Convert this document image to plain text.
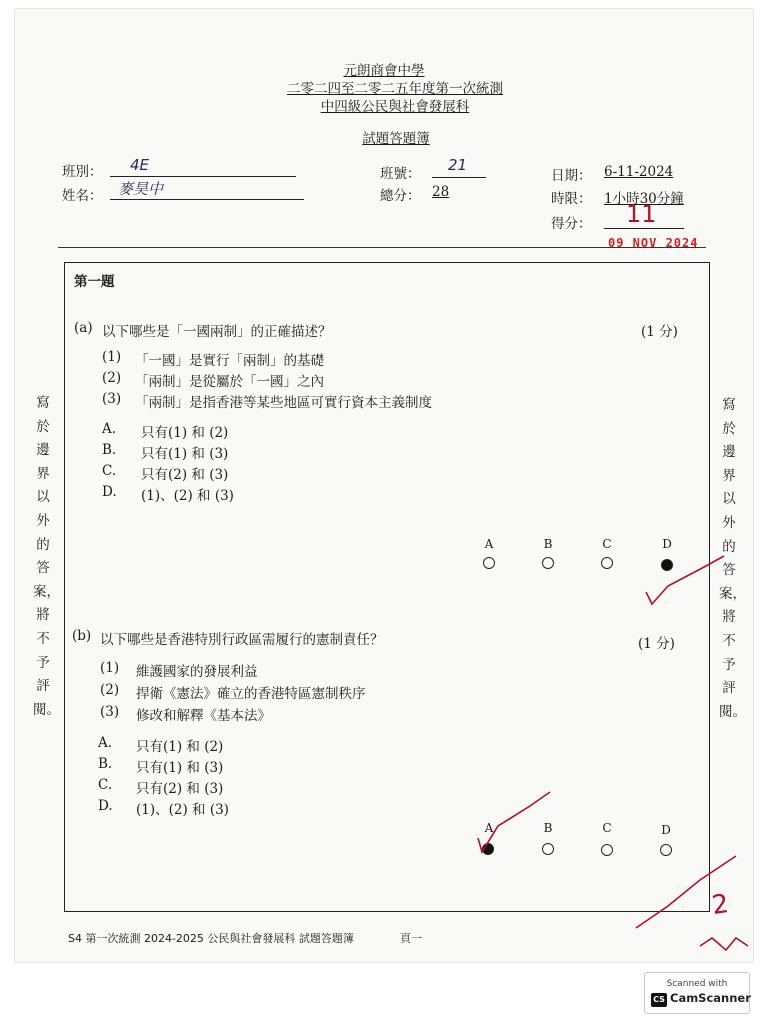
元朗商會中學
二零二四至二零二五年度第一次統測
中四級公民與社會發展科
試題答題簿
班別： 4E
姓名： 麥昊中
班號： 21
總分： 28
日期： 6-11-2024
時限： 1小時30分鐘
得分： 11
09 NOV 2024
第一題
(a) 以下哪些是「一國兩制」的正確描述？	(1 分)
(1) 「一國」是實行「兩制」的基礎
(2) 「兩制」是從屬於「一國」之內
(3) 「兩制」是指香港等某些地區可實行資本主義制度
A. 只有(1) 和 (2)
B. 只有(1) 和 (3)
C. 只有(2) 和 (3)
D. (1)、(2) 和 (3)
A	B	C	D
(b) 以下哪些是香港特別行政區需履行的憲制責任？	(1 分)
(1) 維護國家的發展利益
(2) 捍衛《憲法》確立的香港特區憲制秩序
(3) 修改和解釋《基本法》
A. 只有(1) 和 (2)
B. 只有(1) 和 (3)
C. 只有(2) 和 (3)
D. (1)、(2) 和 (3)
A	B	C	D
寫於邊界以外的答案，將不予評閱。
寫於邊界以外的答案，將不予評閱。
2
S4 第一次統測 2024-2025 公民與社會發展科 試題答題簿	頁一
Scanned with
CS CamScanner
